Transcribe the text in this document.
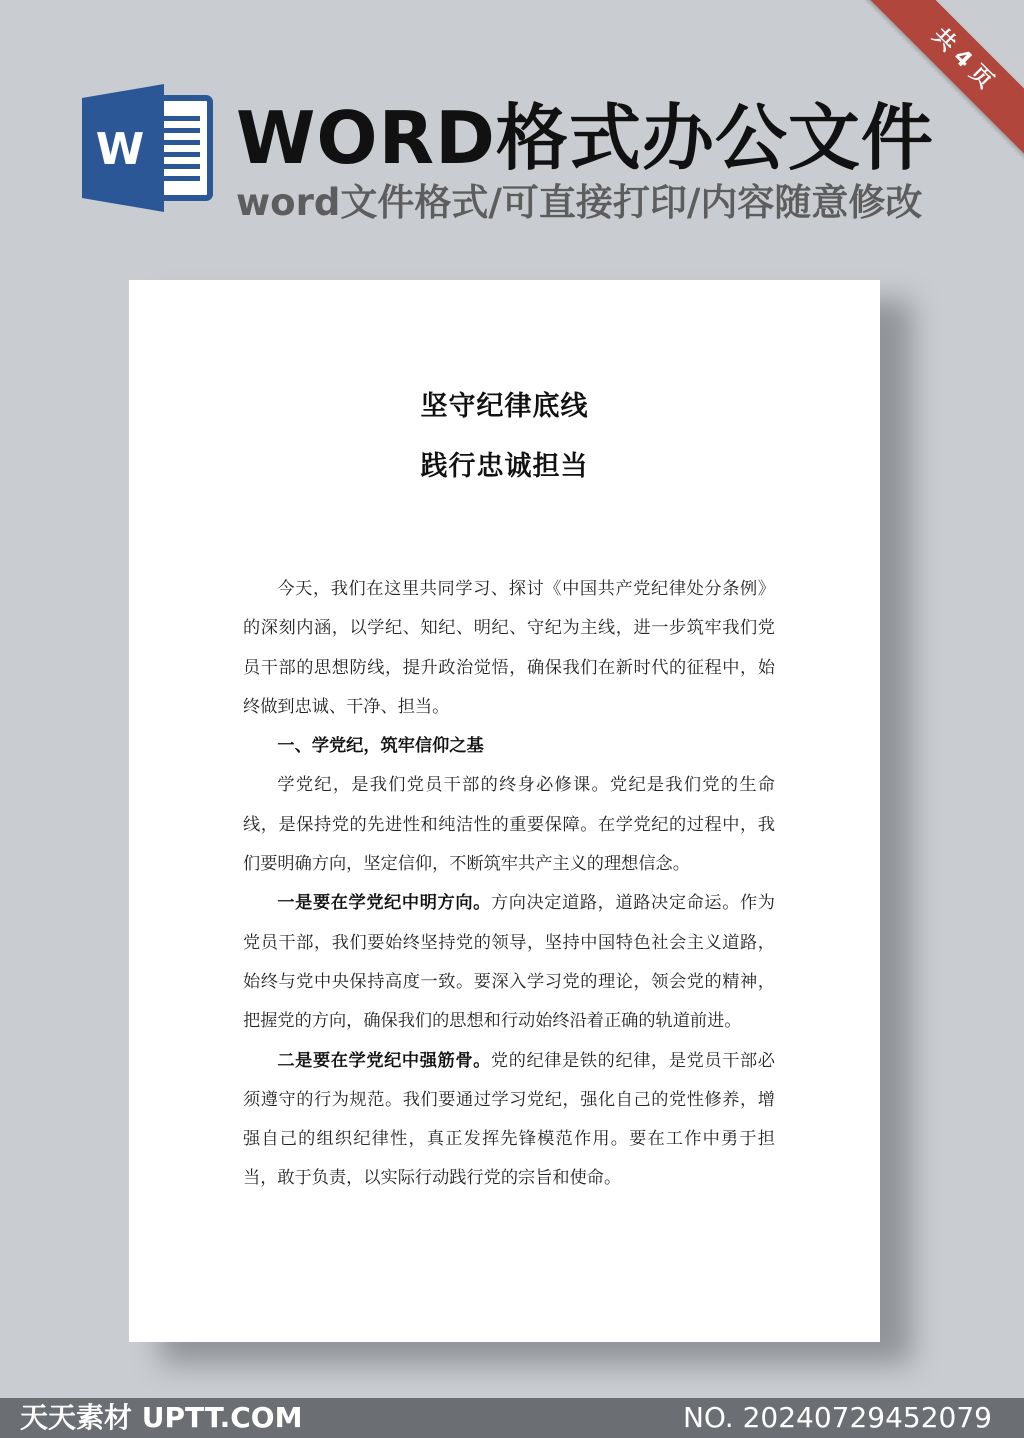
共 4 页
W WORD格式办公文件
word文件格式/可直接打印/内容随意修改
坚守纪律底线
践行忠诚担当

今天，我们在这里共同学习、探讨《中国共产党纪律处分条例》的深刻内涵，以学纪、知纪、明纪、守纪为主线，进一步筑牢我们党员干部的思想防线，提升政治觉悟，确保我们在新时代的征程中，始终做到忠诚、干净、担当。

一、学党纪，筑牢信仰之基

学党纪，是我们党员干部的终身必修课。党纪是我们党的生命线，是保持党的先进性和纯洁性的重要保障。在学党纪的过程中，我们要明确方向，坚定信仰，不断筑牢共产主义的理想信念。

一是要在学党纪中明方向。方向决定道路，道路决定命运。作为党员干部，我们要始终坚持党的领导，坚持中国特色社会主义道路，始终与党中央保持高度一致。要深入学习党的理论，领会党的精神，把握党的方向，确保我们的思想和行动始终沿着正确的轨道前进。

二是要在学党纪中强筋骨。党的纪律是铁的纪律，是党员干部必须遵守的行为规范。我们要通过学习党纪，强化自己的党性修养，增强自己的组织纪律性，真正发挥先锋模范作用。要在工作中勇于担当，敢于负责，以实际行动践行党的宗旨和使命。

天天素材 UPTT.COM	NO. 20240729452079
